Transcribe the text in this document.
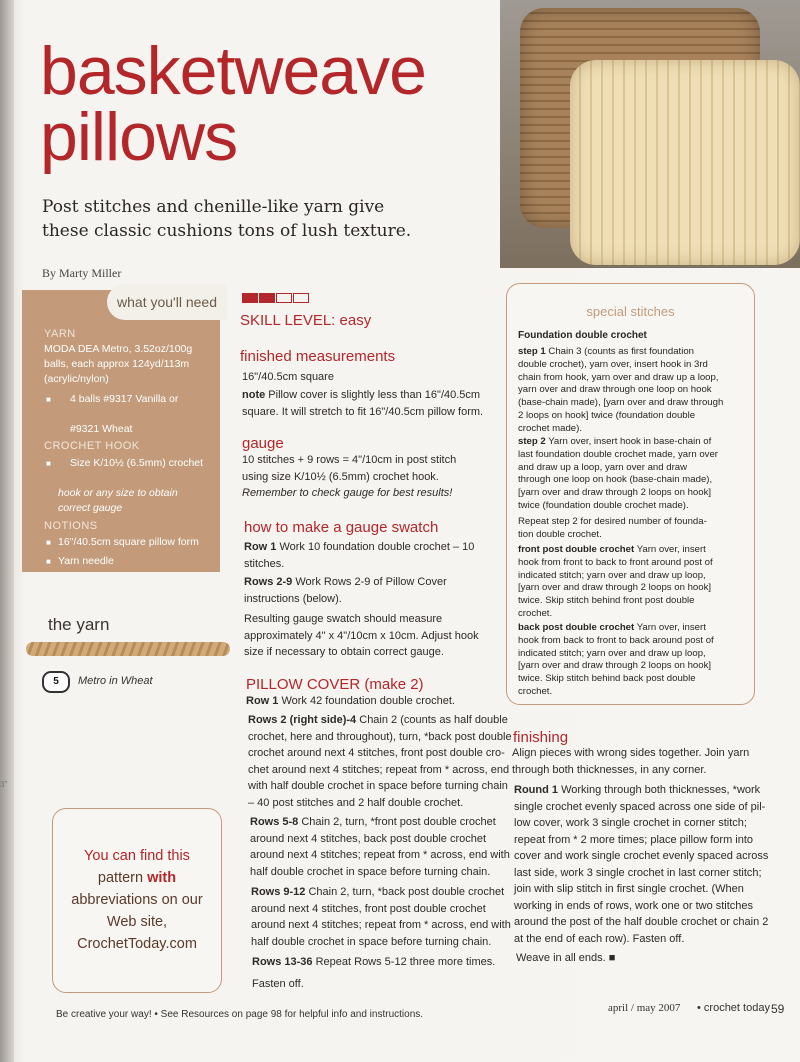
3"
basketweave
pillows

Post stitches and chenille-like yarn give
these classic cushions tons of lush texture.

By Marty Miller
what you'll need
YARN
MODA DEA Metro, 3.52oz/100g
balls, each approx 124yd/113m
(acrylic/nylon)
■ 4 balls #9317 Vanilla or

#9321 Wheat
CROCHET HOOK
■ Size K/10½ (6.5mm) crochet

hook or any size to obtain
correct gauge
NOTIONS
■ 16"/40.5cm square pillow form
■ Yarn needle
the yarn
5	Metro in Wheat
SKILL LEVEL: easy
finished measurements
16"/40.5cm square
note Pillow cover is slightly less than 16"/40.5cm
square. It will stretch to fit 16"/40.5cm pillow form.
gauge
10 stitches + 9 rows = 4"/10cm in post stitch
using size K/10½ (6.5mm) crochet hook.
Remember to check gauge for best results!
how to make a gauge swatch
Row 1 Work 10 foundation double crochet – 10
stitches.
Rows 2-9 Work Rows 2-9 of Pillow Cover
instructions (below).
Resulting gauge swatch should measure
approximately 4" x 4"/10cm x 10cm. Adjust hook
size if necessary to obtain correct gauge.
PILLOW COVER (make 2)
Row 1 Work 42 foundation double crochet.
Rows 2 (right side)-4 Chain 2 (counts as half double
crochet, here and throughout), turn, *back post double
crochet around next 4 stitches, front post double cro-
chet around next 4 stitches; repeat from * across, end
with half double crochet in space before turning chain
– 40 post stitches and 2 half double crochet.
Rows 5-8 Chain 2, turn, *front post double crochet
around next 4 stitches, back post double crochet
around next 4 stitches; repeat from * across, end with
half double crochet in space before turning chain.
Rows 9-12 Chain 2, turn, *back post double crochet
around next 4 stitches, front post double crochet
around next 4 stitches; repeat from * across, end with
half double crochet in space before turning chain.
Rows 13-36 Repeat Rows 5-12 three more times.
Fasten off.
special stitches
Foundation double crochet
step 1 Chain 3 (counts as first foundation
double crochet), yarn over, insert hook in 3rd
chain from hook, yarn over and draw up a loop,
yarn over and draw through one loop on hook
(base-chain made), [yarn over and draw through
2 loops on hook] twice (foundation double
crochet made).
step 2 Yarn over, insert hook in base-chain of
last foundation double crochet made, yarn over
and draw up a loop, yarn over and draw
through one loop on hook (base-chain made),
[yarn over and draw through 2 loops on hook]
twice (foundation double crochet made).
Repeat step 2 for desired number of founda-
tion double crochet.
front post double crochet Yarn over, insert
hook from front to back to front around post of
indicated stitch; yarn over and draw up loop,
[yarn over and draw through 2 loops on hook]
twice. Skip stitch behind front post double
crochet.
back post double crochet Yarn over, insert
hook from back to front to back around post of
indicated stitch; yarn over and draw up loop,
[yarn over and draw through 2 loops on hook]
twice. Skip stitch behind back post double
crochet.
finishing
Align pieces with wrong sides together. Join yarn
through both thicknesses, in any corner.
Round 1 Working through both thicknesses, *work
single crochet evenly spaced across one side of pil-
low cover, work 3 single crochet in corner stitch;
repeat from * 2 more times; place pillow form into
cover and work single crochet evenly spaced across
last side, work 3 single crochet in last corner stitch;
join with slip stitch in first single crochet. (When
working in ends of rows, work one or two stitches
around the post of the half double crochet or chain 2
at the end of each row). Fasten off.
Weave in all ends. ■
You can find this
pattern with
abbreviations on our
Web site,
CrochetToday.com
Be creative your way! • See Resources on page 98 for helpful info and instructions.
april / may 2007 • crochet today 59
